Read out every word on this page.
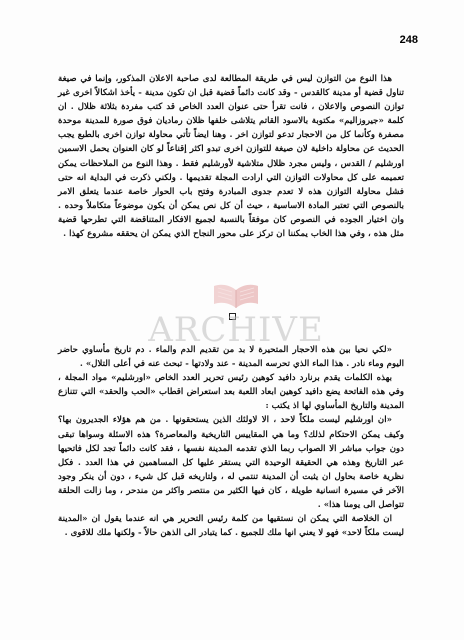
248

هذا النوع من التوازن ليس في طريقة المطالعة لدى صاحبة الاعلان المذكور، وإنما في صيغة تناول قضية أو مدينة كالقدس - وقد كانت دائماً قضية قبل ان تكون مدينة - يأخذ اشكالاً اخرى غير توازن النصوص والاعلان ، فانت تقرأ حتى عنوان العدد الخاص قد كتب مفردة بثلاثة ظلال . ان كلمة «جيروزاليم» مكتوبة بالاسود القاتم يتلاشى خلفها ظلان رماديان فوق صورة للمدينة موحدة مصفرة وكأنما كل من الاحجار تدعو لتوازن اخر . وهنا ايضاً تأتي محاولة توازن اخرى بالطبع يجب الحديث عن محاولة داخلية لان صيغة للتوازن اخرى تبدو اكثر إقناعاً لو كان العنوان يحمل الاسمين اورشليم / القدس ، وليس مجرد ظلال متلاشية لأورشليم فقط . وهذا النوع من الملاحظات يمكن تعميمه على كل محاولات التوازن التي ارادت المجلة تقديمها . ولكني ذكرت في البداية انه حتى فشل محاولة التوازن هذه لا تعدم جدوى المبادرة وفتح باب الحوار خاصة عندما يتعلق الامر بالنصوص التي تعتبر المادة الاساسية ، حيث أن كل نص يمكن أن يكون موضوعاً متكاملاً وحده . وان اختيار الجوده في النصوص كان موفقاً بالنسبة لجميع الافكار المتناقضة التي تطرحها قضية مثل هذه ، وفي هذا الخاب يمكننا ان تركز على محور النجاح الذي يمكن ان يحققه مشروع كهذا .

«لكي نحيا بين هذه الاحجار المتحيرة لا بد من تقديم الدم والماء . دم تاريخ مأساوي حاضر اليوم وماء نادر . هذا الماء الذي تحرسه المدينة - عند ولادتها - تبحث عنه في أعلى التلال» .

بهذه الكلمات يقدم برنارد دافيد كوهين رئيس تحرير العدد الخاص «اورشليم» مواد المجلة ، وفي هذه الفاتحة يضع دافيد كوهين ابعاد اللعبة بعد استعراض اقطاب «الحب والحقد» التي تتنازع المدينة والتاريخ المأساوي لها اذ يكتب :

«ان اورشليم ليست ملكاً لاحد ، الا لاولئك الذين يستحقونها . من هم هؤلاء الجديرون بها؟ وكيف يمكن الاحتكام لذلك؟ وما هي المقاييس التاريخية والمعاصرة؟ هذه الاسئلة وسواها تبقى دون جواب مباشر الا الصواب ربما الذي تقدمه المدينة نفسها ، فقد كانت دائماً تجد لكل فاتحيها عبر التاريخ وهذه هي الحقيقة الوحيدة التي يستقر عليها كل المساهمين في هذا العدد . فكل نظرية خاصة بحاول ان يثبت أن المدينة تنتمي له ، ولتاريخه قبل كل شيء ، دون أن ينكر وجود الآخر في مسيرة انسانية طويلة ، كان فيها الكثير من منتصر واكثر من مندحر ، وما زالت الحلقة تتواصل الى يومنا هذا» .

ان الخلاصة التي يمكن ان نستقيها من كلمة رئيس التحرير هي انه عندما يقول ان «المدينة ليست ملكاً لاحد» فهو لا يعني انها ملك للجميع . كما يتبادر الى الذهن حالاً - ولكنها ملك للاقوى .

ARCHIVE
